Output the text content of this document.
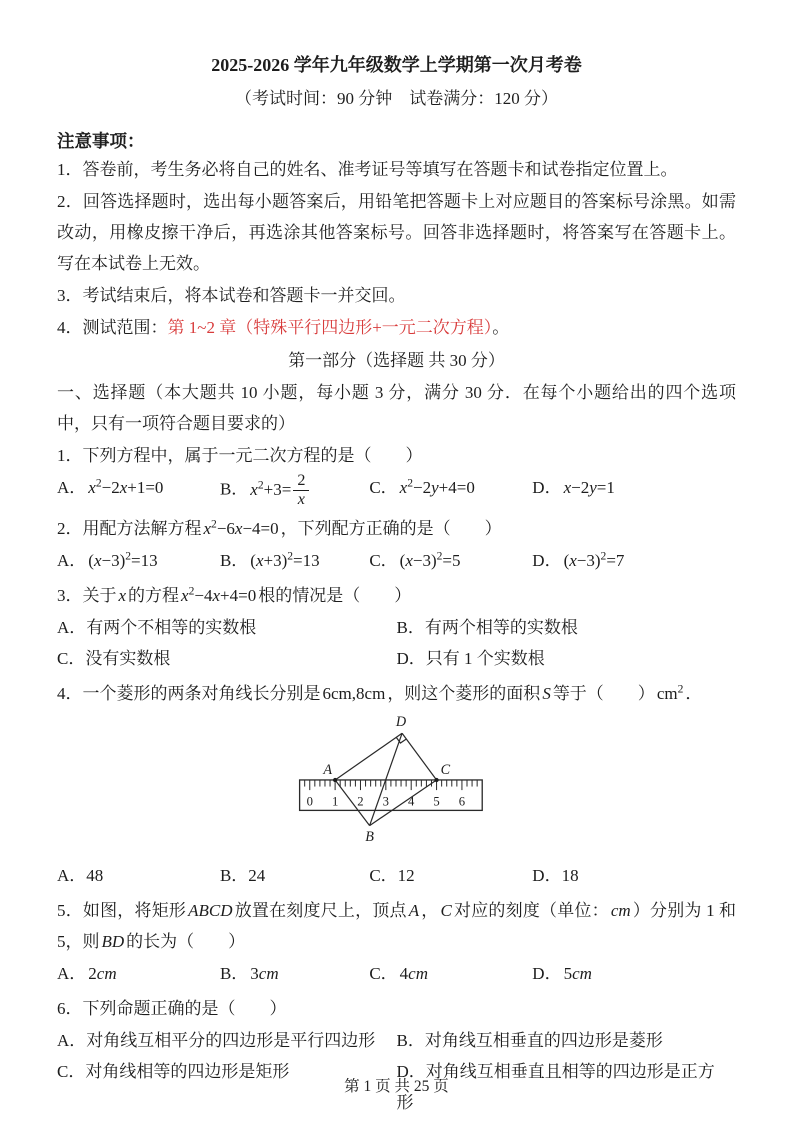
2025-2026 学年九年级数学上学期第一次月考卷
（考试时间：90 分钟　试卷满分：120 分）
注意事项：

1．答卷前，考生务必将自己的姓名、准考证号等填写在答题卡和试卷指定位置上。

2．回答选择题时，选出每小题答案后，用铅笔把答题卡上对应题目的答案标号涂黑。如需改动，用橡皮擦干净后，再选涂其他答案标号。回答非选择题时，将答案写在答题卡上。写在本试卷上无效。

3．考试结束后，将本试卷和答题卡一并交回。

4．测试范围：第 1~2 章（特殊平行四边形+一元二次方程）。

第一部分（选择题 共 30 分）

一、选择题（本大题共 10 小题，每小题 3 分，满分 30 分．在每个小题给出的四个选项中，只有一项符合题目要求的）

1．下列方程中，属于一元二次方程的是（　　）

A． $x^2-2x+1=0$	B． $x^2+3= \frac{2}{x}$	C． $x^2-2y+4=0$	D． x−2y=1

2．用配方法解方程 $x^2-6x-4=0$ ，下列配方正确的是（　　）

A． $(x-3)^2=13$	B． $(x+3)^2=13$	C． $(x-3)^2=5$	D． $(x-3)^2=7$

3．关于 x 的方程 $x^2-4x+4=0$ 根的情况是（　　）

A．有两个不相等的实数根	B．有两个相等的实数根
C．没有实数根	D．只有 1 个实数根

4．一个菱形的两条对角线长分别是 6cm,8cm ，则这个菱形的面积 S 等于（　　） $cm^2$ ．

0 1 2 3 4 5 6
A
B
C
D
A．48	B．24	C．12	D．18

5．如图，将矩形 ABCD 放置在刻度尺上，顶点 A ， C 对应的刻度（单位： cm ）分别为 1 和 5，则 BD 的长为（　　）

A． 2cm	B． 3cm	C． 4cm	D． 5cm

6．下列命题正确的是（　　）

A．对角线互相平分的四边形是平行四边形	B．对角线互相垂直的四边形是菱形
C．对角线相等的四边形是矩形	D．对角线互相垂直且相等的四边形是正方形
第 1 页 共 25 页
